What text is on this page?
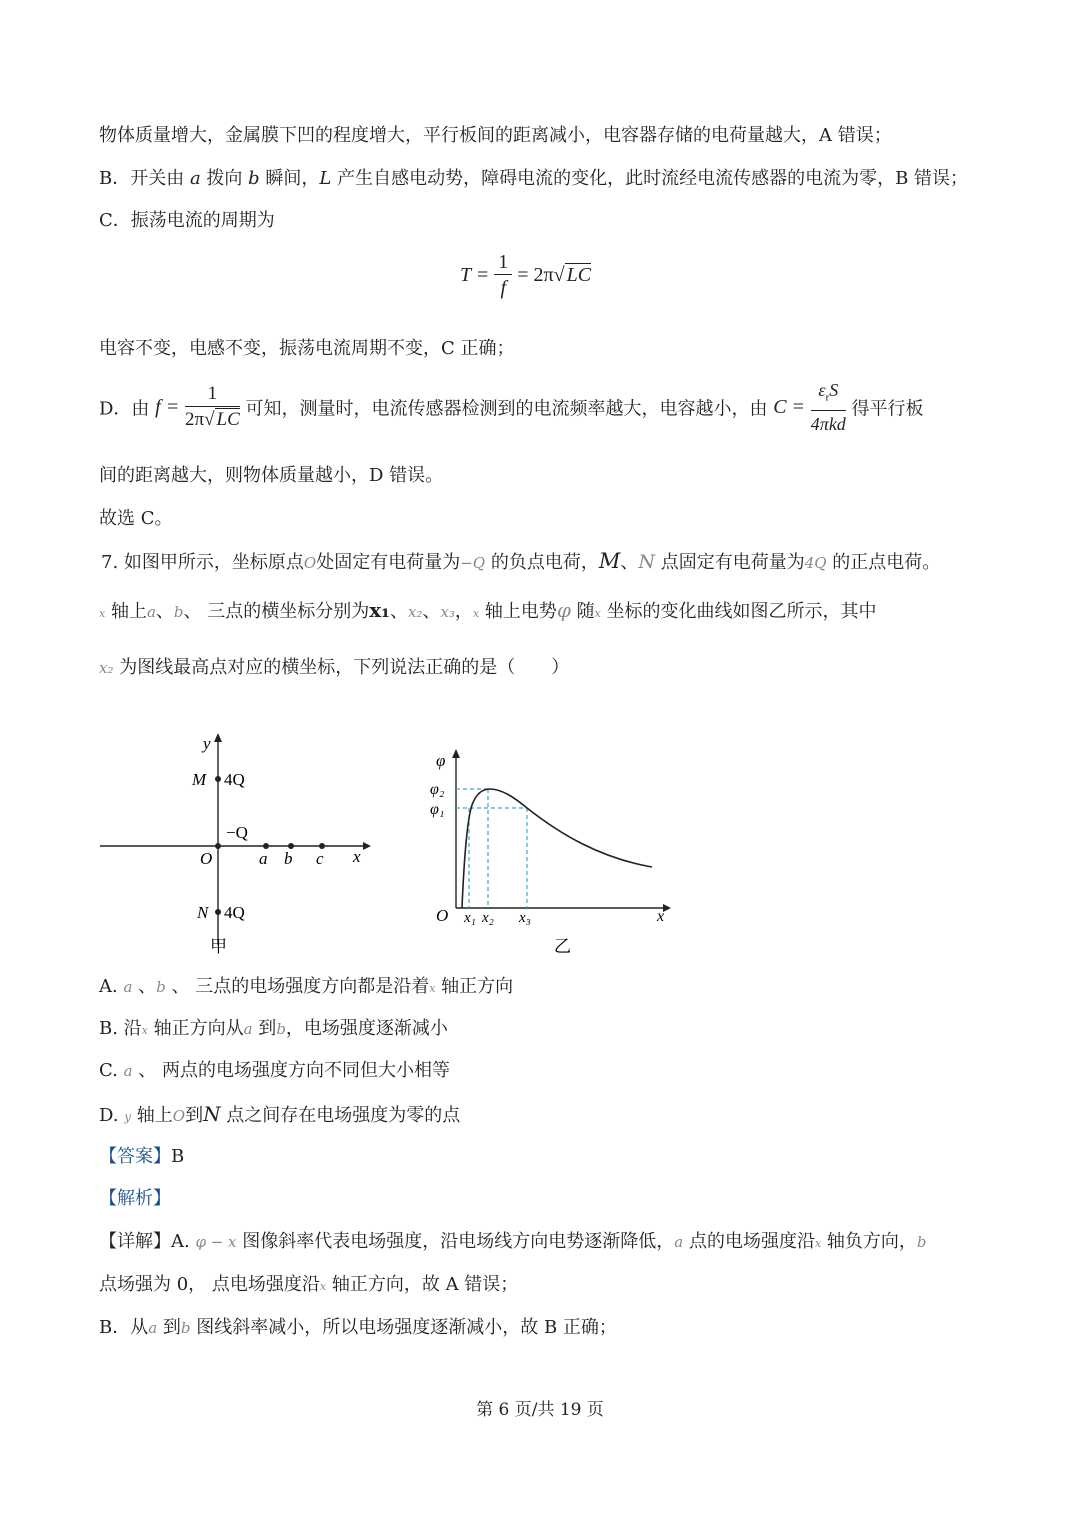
物体质量增大，金属膜下凹的程度增大，平行板间的距离减小，电容器存储的电荷量越大，A 错误；
B．开关由 a 拨向 b 瞬间，L 产生自感电动势，障碍电流的变化，此时流经电流传感器的电流为零，B 错误；
C．振荡电流的周期为
$T = \frac{1}{f} = 2\pi√$ LC
电容不变，电感不变，振荡电流周期不变，C 正确；
D．由 $f = \frac{1}{2\pi√ LC}$ 可知，测量时，电流传感器检测到的电流频率越大，电容越小，由 $C = \frac{\varepsilon_rS}{\text{4πkd}}$ 得平行板
间的距离越大，则物体质量越小，D 错误。
故选 C。
7. 如图甲所示，坐标原点O处固定有电荷量为−Q 的负点电荷，M、N 点固定有电荷量为4Q 的正点电荷。
x 轴上a、b、 三点的横坐标分别为x₁、x₂、x₃，x 轴上电势φ 随x 坐标的变化曲线如图乙所示，其中
x₂ 为图线最高点对应的横坐标，下列说法正确的是（　　）
y
x
O
M 4Q
N 4Q
−Q
a b c
甲
φ
x
O
φ₂
φ₁
x₁ x₂ x₃
乙
A. a 、b 、 三点的电场强度方向都是沿着x 轴正方向
B. 沿x 轴正方向从a 到b，电场强度逐渐减小
C. a 、 两点的电场强度方向不同但大小相等
D. y 轴上O到N 点之间存在电场强度为零的点
【答案】B
【解析】
【详解】A. φ − x 图像斜率代表电场强度，沿电场线方向电势逐渐降低，a 点的电场强度沿x 轴负方向，b
点场强为 0， 点电场强度沿x 轴正方向，故 A 错误；
B．从a 到b 图线斜率减小，所以电场强度逐渐减小，故 B 正确；
第 6 页/共 19 页
